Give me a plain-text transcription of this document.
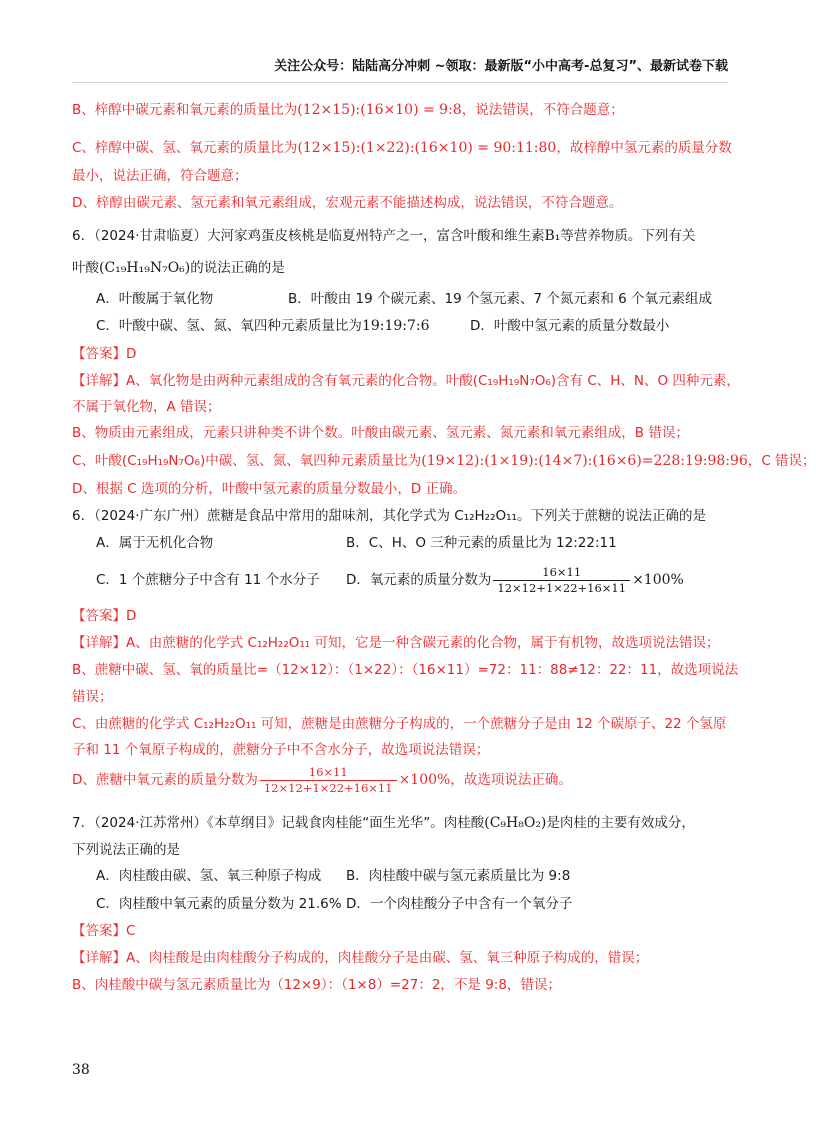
关注公众号：陆陆高分冲刺 ~领取：最新版“小中高考-总复习”、最新试卷下载
B、梓醇中碳元素和氧元素的质量比为(12×15):(16×10) = 9:8，说法错误，不符合题意；
C、梓醇中碳、氢、氧元素的质量比为(12×15):(1×22):(16×10) = 90:11:80，故梓醇中氢元素的质量分数
最小，说法正确，符合题意；
D、梓醇由碳元素、氢元素和氧元素组成，宏观元素不能描述构成，说法错误，不符合题意。
6．（2024·甘肃临夏）大河家鸡蛋皮核桃是临夏州特产之一，富含叶酸和维生素B₁等营养物质。下列有关
叶酸(C₁₉H₁₉N₇O₆)的说法正确的是
A．叶酸属于氧化物	B．叶酸由 19 个碳元素、19 个氢元素、7 个氮元素和 6 个氧元素组成
C．叶酸中碳、氢、氮、氧四种元素质量比为19:19:7:6	D．叶酸中氢元素的质量分数最小
【答案】D
【详解】A、氧化物是由两种元素组成的含有氧元素的化合物。叶酸(C₁₉H₁₉N₇O₆)含有 C、H、N、O 四种元素，
不属于氧化物，A 错误；
B、物质由元素组成，元素只讲种类不讲个数。叶酸由碳元素、氢元素、氮元素和氧元素组成，B 错误；
C、叶酸(C₁₉H₁₉N₇O₆)中碳、氢、氮、氧四种元素质量比为(19×12):(1×19):(14×7):(16×6)=228:19:98:96，C 错误；
D、根据 C 选项的分析，叶酸中氢元素的质量分数最小，D 正确。
6．（2024·广东广州）蔗糖是食品中常用的甜味剂，其化学式为 C₁₂H₂₂O₁₁。下列关于蔗糖的说法正确的是
A．属于无机化合物	B．C、H、O 三种元素的质量比为 12:22:11
C．1 个蔗糖分子中含有 11 个水分子 D．氧元素的质量分数为 $\frac{16\times 11}{12\times 12+1\times 22+16\times 11} \times 100\%$
【答案】D
【详解】A、由蔗糖的化学式 C₁₂H₂₂O₁₁ 可知，它是一种含碳元素的化合物，属于有机物，故选项说法错误；
B、蔗糖中碳、氢、氧的质量比=（12×12）：（1×22）：（16×11）=72：11：88≠12：22：11，故选项说法
错误；
C、由蔗糖的化学式 C₁₂H₂₂O₁₁ 可知，蔗糖是由蔗糖分子构成的，一个蔗糖分子是由 12 个碳原子、22 个氢原
子和 11 个氧原子构成的，蔗糖分子中不含水分子，故选项说法错误；
D、蔗糖中氧元素的质量分数为 $\frac{16\times 11}{12\times 12+1\times 22+16\times 11} \times 100\%$，故选项说法正确。
7．（2024·江苏常州）《本草纲目》记载食肉桂能“面生光华”。肉桂酸(C₉H₈O₂)是肉桂的主要有效成分，
下列说法正确的是
A．肉桂酸由碳、氢、氧三种原子构成 B．肉桂酸中碳与氢元素质量比为 9:8
C．肉桂酸中氧元素的质量分数为 21.6% D．一个肉桂酸分子中含有一个氧分子
【答案】C
【详解】A、肉桂酸是由肉桂酸分子构成的，肉桂酸分子是由碳、氢、氧三种原子构成的，错误；
B、肉桂酸中碳与氢元素质量比为（12×9）：（1×8）=27：2，不是 9:8，错误；
38
